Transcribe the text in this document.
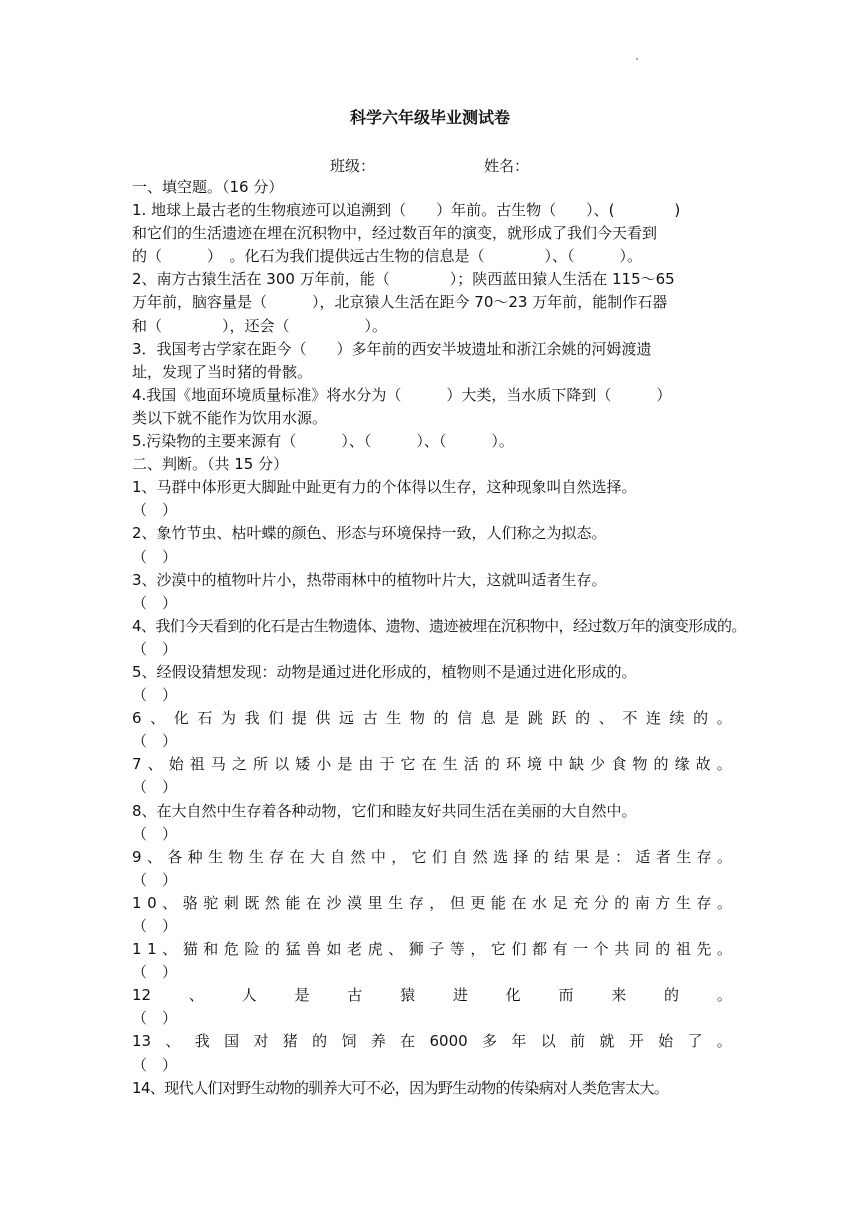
科学六年级毕业测试卷
班级：	姓名：
一、填空题。（16 分）
1. 地球上最古老的生物痕迹可以追溯到（　　）年前。古生物（　　）、(　　　　)
和它们的生活遗迹在埋在沉积物中，经过数百年的演变，就形成了我们今天看到
的（　　　）　。化石为我们提供远古生物的信息是（　　　　）、（　　　）。
2、南方古猿生活在 300 万年前，能（　　　　）；陕西蓝田猿人生活在 115～65
万年前，脑容量是（　　　），北京猿人生活在距今 70～23 万年前，能制作石器
和（　　　　），还会（　　　　　）。
3．我国考古学家在距今（　　）多年前的西安半坡遗址和浙江余姚的河姆渡遗
址，发现了当时猪的骨骸。
4.我国《地面环境质量标准》将水分为（　　　）大类，当水质下降到（　　　）
类以下就不能作为饮用水源。
5.污染物的主要来源有（　　　）、（　　　）、（　　　）。
二、判断。（共 15 分）
1、马群中体形更大脚趾中趾更有力的个体得以生存，这种现象叫自然选择。
（　）
2、象竹节虫、枯叶蝶的颜色、形态与环境保持一致，人们称之为拟态。
（　）
3、沙漠中的植物叶片小，热带雨林中的植物叶片大，这就叫适者生存。
（　）
4、我们今天看到的化石是古生物遗体、遗物、遗迹被埋在沉积物中，经过数万年的演变形成的。
（　）
5、经假设猜想发现：动物是通过进化形成的，植物则不是通过进化形成的。
（　）
6 、 化 石 为 我 们 提 供 远 古 生 物 的 信 息 是 跳 跃 的 、 不 连 续 的 。
（　）
7 、 始 祖 马 之 所 以 矮 小 是 由 于 它 在 生 活 的 环 境 中 缺 少 食 物 的 缘 故 。
（　）
8、在大自然中生存着各种动物，它们和睦友好共同生活在美丽的大自然中。
（　）
9 、 各 种 生 物 生 存 在 大 自 然 中 ， 它 们 自 然 选 择 的 结 果 是 ： 适 者 生 存 。
（　）
1 0 、 骆 驼 刺 既 然 能 在 沙 漠 里 生 存 ， 但 更 能 在 水 足 充 分 的 南 方 生 存 。
（　）
1 1 、 猫 和 危 险 的 猛 兽 如 老 虎 、 狮 子 等 ， 它 们 都 有 一 个 共 同 的 祖 先 。
（　）
12	、	人	是	古	猿	进	化	而	来	的	。
（　）
13 、 我 国 对 猪 的 饲 养 在 6000 多 年 以 前 就 开 始 了 。
（　）
14、现代人们对野生动物的驯养大可不必，因为野生动物的传染病对人类危害太大。
